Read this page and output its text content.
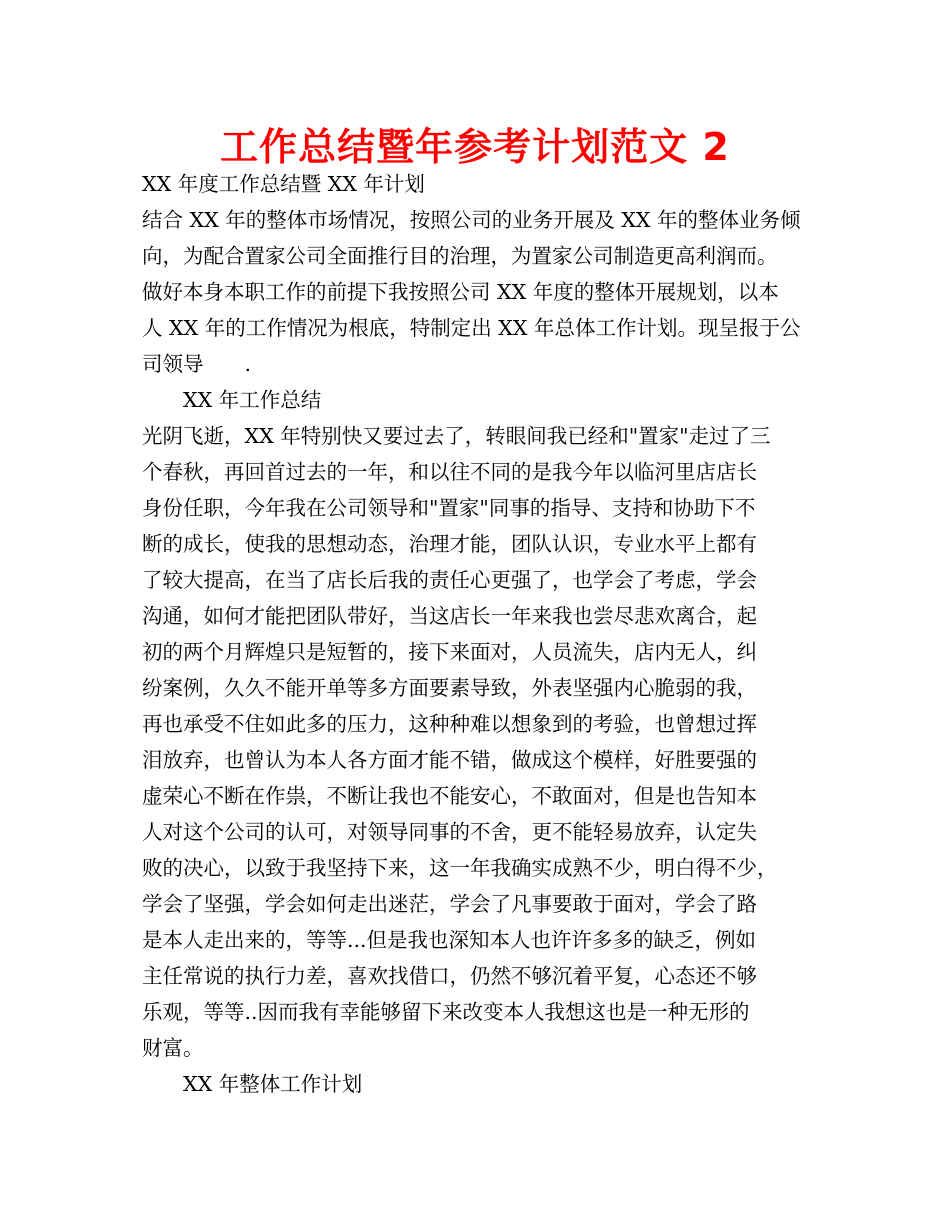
工作总结暨年参考计划范文 2
XX 年度工作总结暨 XX 年计划
结合 XX 年的整体市场情况，按照公司的业务开展及 XX 年的整体业务倾
向，为配合置家公司全面推行目的治理，为置家公司制造更高利润而。
做好本身本职工作的前提下我按照公司 XX 年度的整体开展规划，以本
人 XX 年的工作情况为根底，特制定出 XX 年总体工作计划。现呈报于公
司领导　　.
XX 年工作总结
光阴飞逝，XX 年特别快又要过去了，转眼间我已经和"置家"走过了三
个春秋，再回首过去的一年，和以往不同的是我今年以临河里店店长
身份任职，今年我在公司领导和"置家"同事的指导、支持和协助下不
断的成长，使我的思想动态，治理才能，团队认识，专业水平上都有
了较大提高，在当了店长后我的责任心更强了，也学会了考虑，学会
沟通，如何才能把团队带好，当这店长一年来我也尝尽悲欢离合，起
初的两个月辉煌只是短暂的，接下来面对，人员流失，店内无人，纠
纷案例，久久不能开单等多方面要素导致，外表坚强内心脆弱的我，
再也承受不住如此多的压力，这种种难以想象到的考验，也曾想过挥
泪放弃，也曾认为本人各方面才能不错，做成这个模样，好胜要强的
虚荣心不断在作祟，不断让我也不能安心，不敢面对，但是也告知本
人对这个公司的认可，对领导同事的不舍，更不能轻易放弃，认定失
败的决心，以致于我坚持下来，这一年我确实成熟不少，明白得不少，
学会了坚强，学会如何走出迷茫，学会了凡事要敢于面对，学会了路
是本人走出来的，等等...但是我也深知本人也许许多多的缺乏，例如
主任常说的执行力差，喜欢找借口，仍然不够沉着平复，心态还不够
乐观，等等..因而我有幸能够留下来改变本人我想这也是一种无形的
财富。
XX 年整体工作计划
